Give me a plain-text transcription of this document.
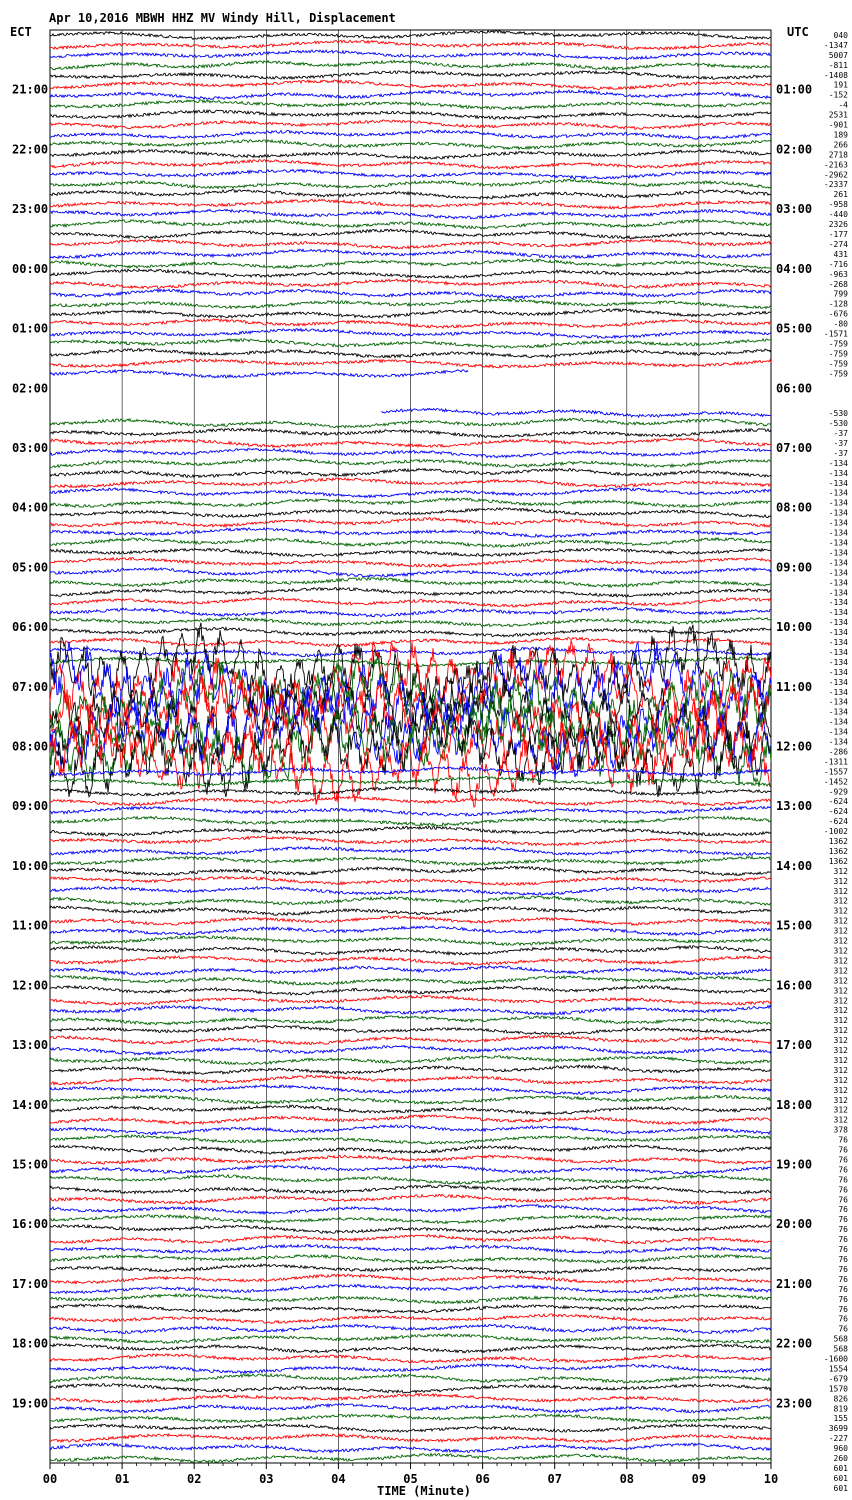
Apr 10,2016 MBWH HHZ MV Windy Hill, Displacement
ECT	UTC
21:00
22:00
23:00
00:00
01:00
02:00
03:00
04:00
05:00
06:00
07:00
08:00
09:00
10:00
11:00
12:00
13:00
14:00
15:00
16:00
17:00
18:00
19:00
01:00
02:00
03:00
04:00
05:00
06:00
07:00
08:00
09:00
10:00
11:00
12:00
13:00
14:00
15:00
16:00
17:00
18:00
19:00
20:00
21:00
22:00
23:00
040
-1347
5007
-811
-1408
191
-152
-4
2531
-901
189
266
2718
-2163
-2962
-2337
261
-958
-440
2326
-177
-274
431
-716
-963
-268
799
-128
-676
-80
-1571
-759
-759
-759
-759
-530
-530
-37
-37
-37
-134
-134
-134
-134
-134
-134
-134
-134
-134
-134
-134
-134
-134
-134
-134
-134
-134
-134
-134
-134
-134
-134
-134
-134
-134
-134
-134
-134
-134
-286
-1311
-1557
-1452
-929
-624
-624
-624
-1002
1362
1362
1362
312
312
312
312
312
312
312
312
312
312
312
312
312
312
312
312
312
312
312
312
312
312
312
312
312
312
378
76
76
76
76
76
76
76
76
76
76
76
76
76
76
76
76
76
76
76
76
568
568
-1600
1554
-679
1570
826
819
155
3699
-227
960
260
601
601
601
00	01	02	03	04	05	06	07	08	09	10
TIME (Minute)
